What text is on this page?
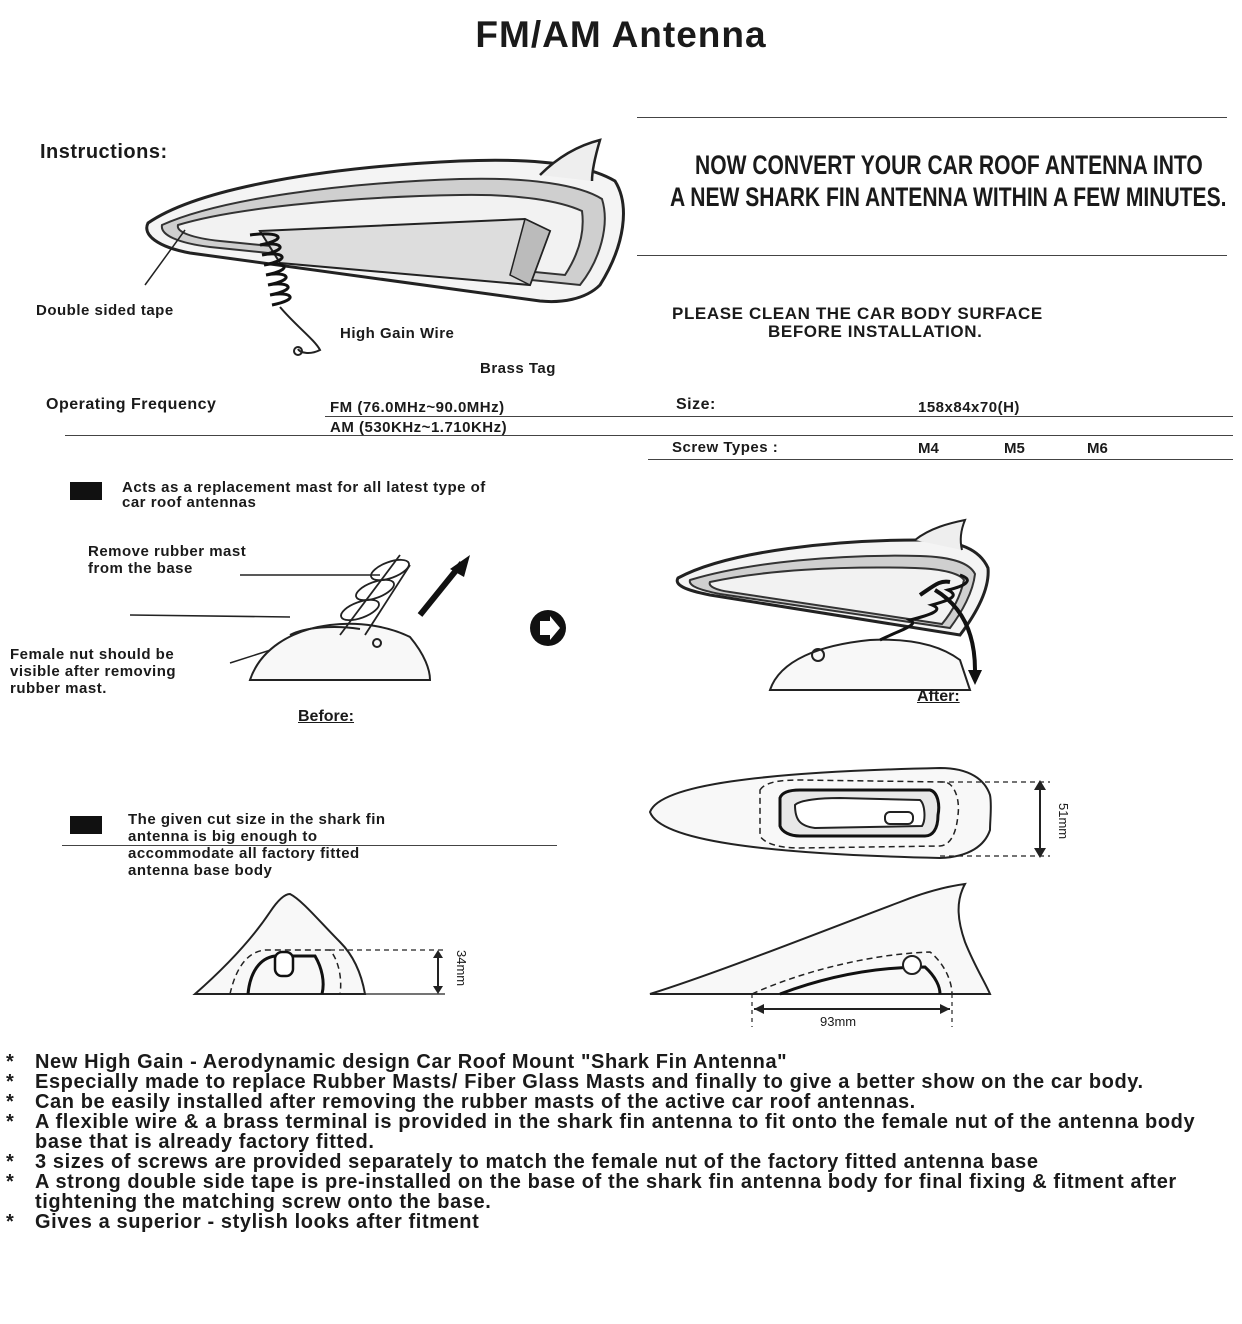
FM/AM Antenna
Instructions:
Double sided tape
High Gain Wire
Brass Tag
NOW CONVERT YOUR CAR ROOF ANTENNA INTO
A NEW SHARK FIN ANTENNA WITHIN A FEW MINUTES.
PLEASE CLEAN THE CAR BODY SURFACE
BEFORE INSTALLATION.
Operating Frequency	FM (76.0MHz~90.0MHz)
AM (530KHz~1.710KHz)
Size:	158x84x70(H)
Screw Types :	M4	M5	M6
Acts as a replacement mast for all latest type of
car roof antennas
Remove rubber mast
from the base
Female nut should be
visible after removing
rubber mast.
Before:
After:
The given cut size in the shark fin
antenna is big enough to
accommodate all factory fitted
antenna base body
51mm
34mm
93mm

* New High Gain - Aerodynamic design Car Roof Mount "Shark Fin Antenna"

* Especially made to replace Rubber Masts/ Fiber Glass Masts and finally to give a better show on the car body.

* Can be easily installed after removing the rubber masts of the active car roof antennas.

* A flexible wire & a brass terminal is provided in the shark fin antenna to fit onto the female nut of the antenna body base that is already factory fitted.

* 3 sizes of screws are provided separately to match the female nut of the factory fitted antenna base

* A strong double side tape is pre-installed on the base of the shark fin antenna body for final fixing & fitment after tightening the matching screw onto the base.

* Gives a superior - stylish looks after fitment
